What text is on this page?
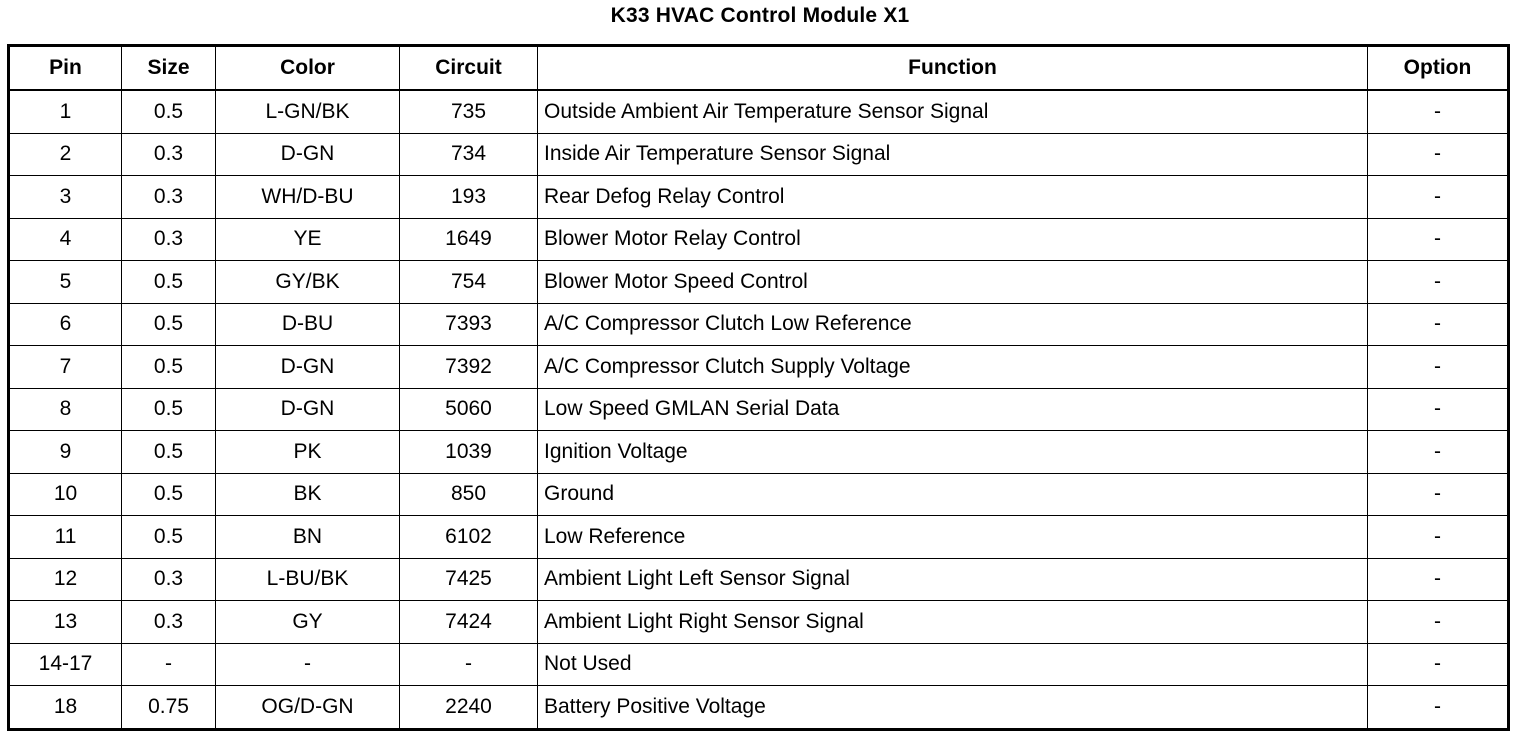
K33 HVAC Control Module X1
Pin	Size	Color	Circuit	Function	Option
1	0.5	L-GN/BK	735	Outside Ambient Air Temperature Sensor Signal	-
2	0.3	D-GN	734	Inside Air Temperature Sensor Signal	-
3	0.3	WH/D-BU	193	Rear Defog Relay Control	-
4	0.3	YE	1649	Blower Motor Relay Control	-
5	0.5	GY/BK	754	Blower Motor Speed Control	-
6	0.5	D-BU	7393	A/C Compressor Clutch Low Reference	-
7	0.5	D-GN	7392	A/C Compressor Clutch Supply Voltage	-
8	0.5	D-GN	5060	Low Speed GMLAN Serial Data	-
9	0.5	PK	1039	Ignition Voltage	-
10	0.5	BK	850	Ground	-
11	0.5	BN	6102	Low Reference	-
12	0.3	L-BU/BK	7425	Ambient Light Left Sensor Signal	-
13	0.3	GY	7424	Ambient Light Right Sensor Signal	-
14-17	-	-	-	Not Used	-
18	0.75	OG/D-GN	2240	Battery Positive Voltage	-
